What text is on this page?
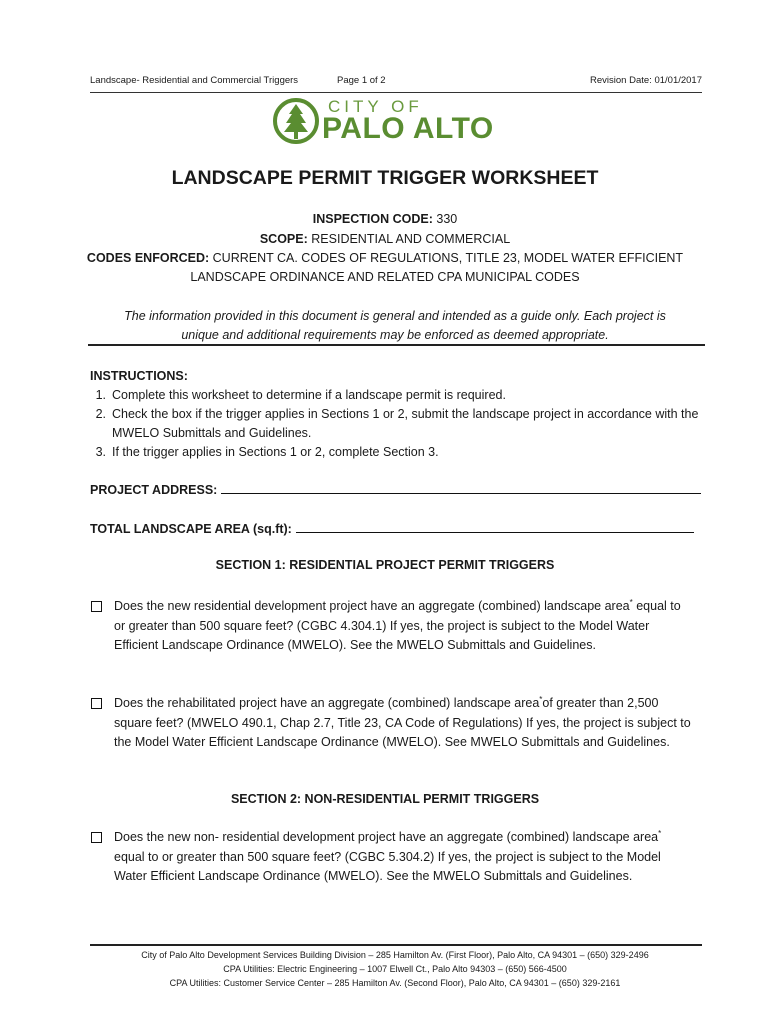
Landscape- Residential and Commercial Triggers	Page 1 of 2	Revision Date: 01/01/2017
CITY OF
PALO ALTO
LANDSCAPE PERMIT TRIGGER WORKSHEET
INSPECTION CODE: 330
SCOPE: RESIDENTIAL AND COMMERCIAL
CODES ENFORCED: CURRENT CA. CODES OF REGULATIONS, TITLE 23, MODEL WATER EFFICIENT
LANDSCAPE ORDINANCE AND RELATED CPA MUNICIPAL CODES
The information provided in this document is general and intended as a guide only. Each project is
unique and additional requirements may be enforced as deemed appropriate.
INSTRUCTIONS:
1. Complete this worksheet to determine if a landscape permit is required.
2. Check the box if the trigger applies in Sections 1 or 2, submit the landscape project in accordance with the MWELO Submittals and Guidelines.
3. If the trigger applies in Sections 1 or 2, complete Section 3.
PROJECT ADDRESS:
TOTAL LANDSCAPE AREA (sq.ft):
SECTION 1: RESIDENTIAL PROJECT PERMIT TRIGGERS
Does the new residential development project have an aggregate (combined) landscape area* equal to or greater than 500 square feet? (CGBC 4.304.1) If yes, the project is subject to the Model Water Efficient Landscape Ordinance (MWELO). See the MWELO Submittals and Guidelines.
Does the rehabilitated project have an aggregate (combined) landscape area*of greater than 2,500 square feet? (MWELO 490.1, Chap 2.7, Title 23, CA Code of Regulations) If yes, the project is subject to the Model Water Efficient Landscape Ordinance (MWELO). See MWELO Submittals and Guidelines.
SECTION 2: NON-RESIDENTIAL PERMIT TRIGGERS
Does the new non- residential development project have an aggregate (combined) landscape area* equal to or greater than 500 square feet? (CGBC 5.304.2) If yes, the project is subject to the Model Water Efficient Landscape Ordinance (MWELO). See the MWELO Submittals and Guidelines.
City of Palo Alto Development Services Building Division – 285 Hamilton Av. (First Floor), Palo Alto, CA 94301 – (650) 329-2496
CPA Utilities: Electric Engineering – 1007 Elwell Ct., Palo Alto 94303 – (650) 566-4500
CPA Utilities: Customer Service Center – 285 Hamilton Av. (Second Floor), Palo Alto, CA 94301 – (650) 329-2161
